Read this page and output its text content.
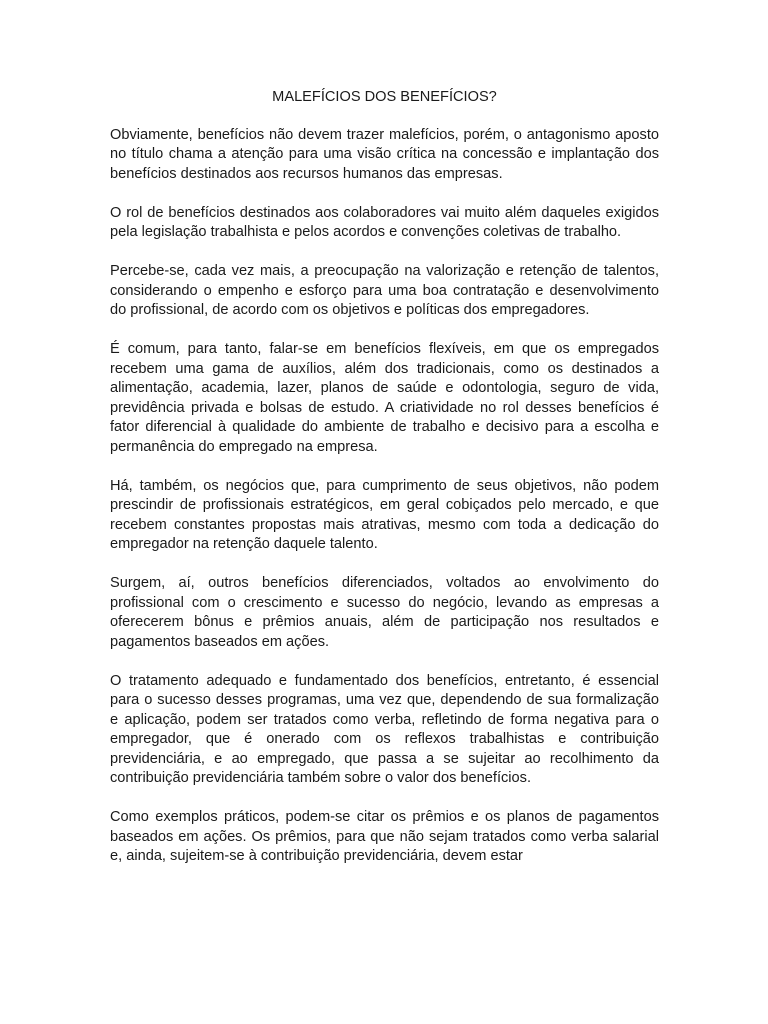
MALEFÍCIOS DOS BENEFÍCIOS?

Obviamente, benefícios não devem trazer malefícios, porém, o antagonismo aposto no título chama a atenção para uma visão crítica na concessão e implantação dos benefícios destinados aos recursos humanos das empresas.

O rol de benefícios destinados aos colaboradores vai muito além daqueles exigidos pela legislação trabalhista e pelos acordos e convenções coletivas de trabalho.

Percebe-se, cada vez mais, a preocupação na valorização e retenção de talentos, considerando o empenho e esforço para uma boa contratação e desenvolvimento do profissional, de acordo com os objetivos e políticas dos empregadores.

É comum, para tanto, falar-se em benefícios flexíveis, em que os empregados recebem uma gama de auxílios, além dos tradicionais, como os destinados a alimentação, academia, lazer, planos de saúde e odontologia, seguro de vida, previdência privada e bolsas de estudo. A criatividade no rol desses benefícios é fator diferencial à qualidade do ambiente de trabalho e decisivo para a escolha e permanência do empregado na empresa.

Há, também, os negócios que, para cumprimento de seus objetivos, não podem prescindir de profissionais estratégicos, em geral cobiçados pelo mercado, e que recebem constantes propostas mais atrativas, mesmo com toda a dedicação do empregador na retenção daquele talento.

Surgem, aí, outros benefícios diferenciados, voltados ao envolvimento do profissional com o crescimento e sucesso do negócio, levando as empresas a oferecerem bônus e prêmios anuais, além de participação nos resultados e pagamentos baseados em ações.

O tratamento adequado e fundamentado dos benefícios, entretanto, é essencial para o sucesso desses programas, uma vez que, dependendo de sua formalização e aplicação, podem ser tratados como verba, refletindo de forma negativa para o empregador, que é onerado com os reflexos trabalhistas e contribuição previdenciária, e ao empregado, que passa a se sujeitar ao recolhimento da contribuição previdenciária também sobre o valor dos benefícios.

Como exemplos práticos, podem-se citar os prêmios e os planos de pagamentos baseados em ações. Os prêmios, para que não sejam tratados como verba salarial e, ainda, sujeitem-se à contribuição previdenciária, devem estar
